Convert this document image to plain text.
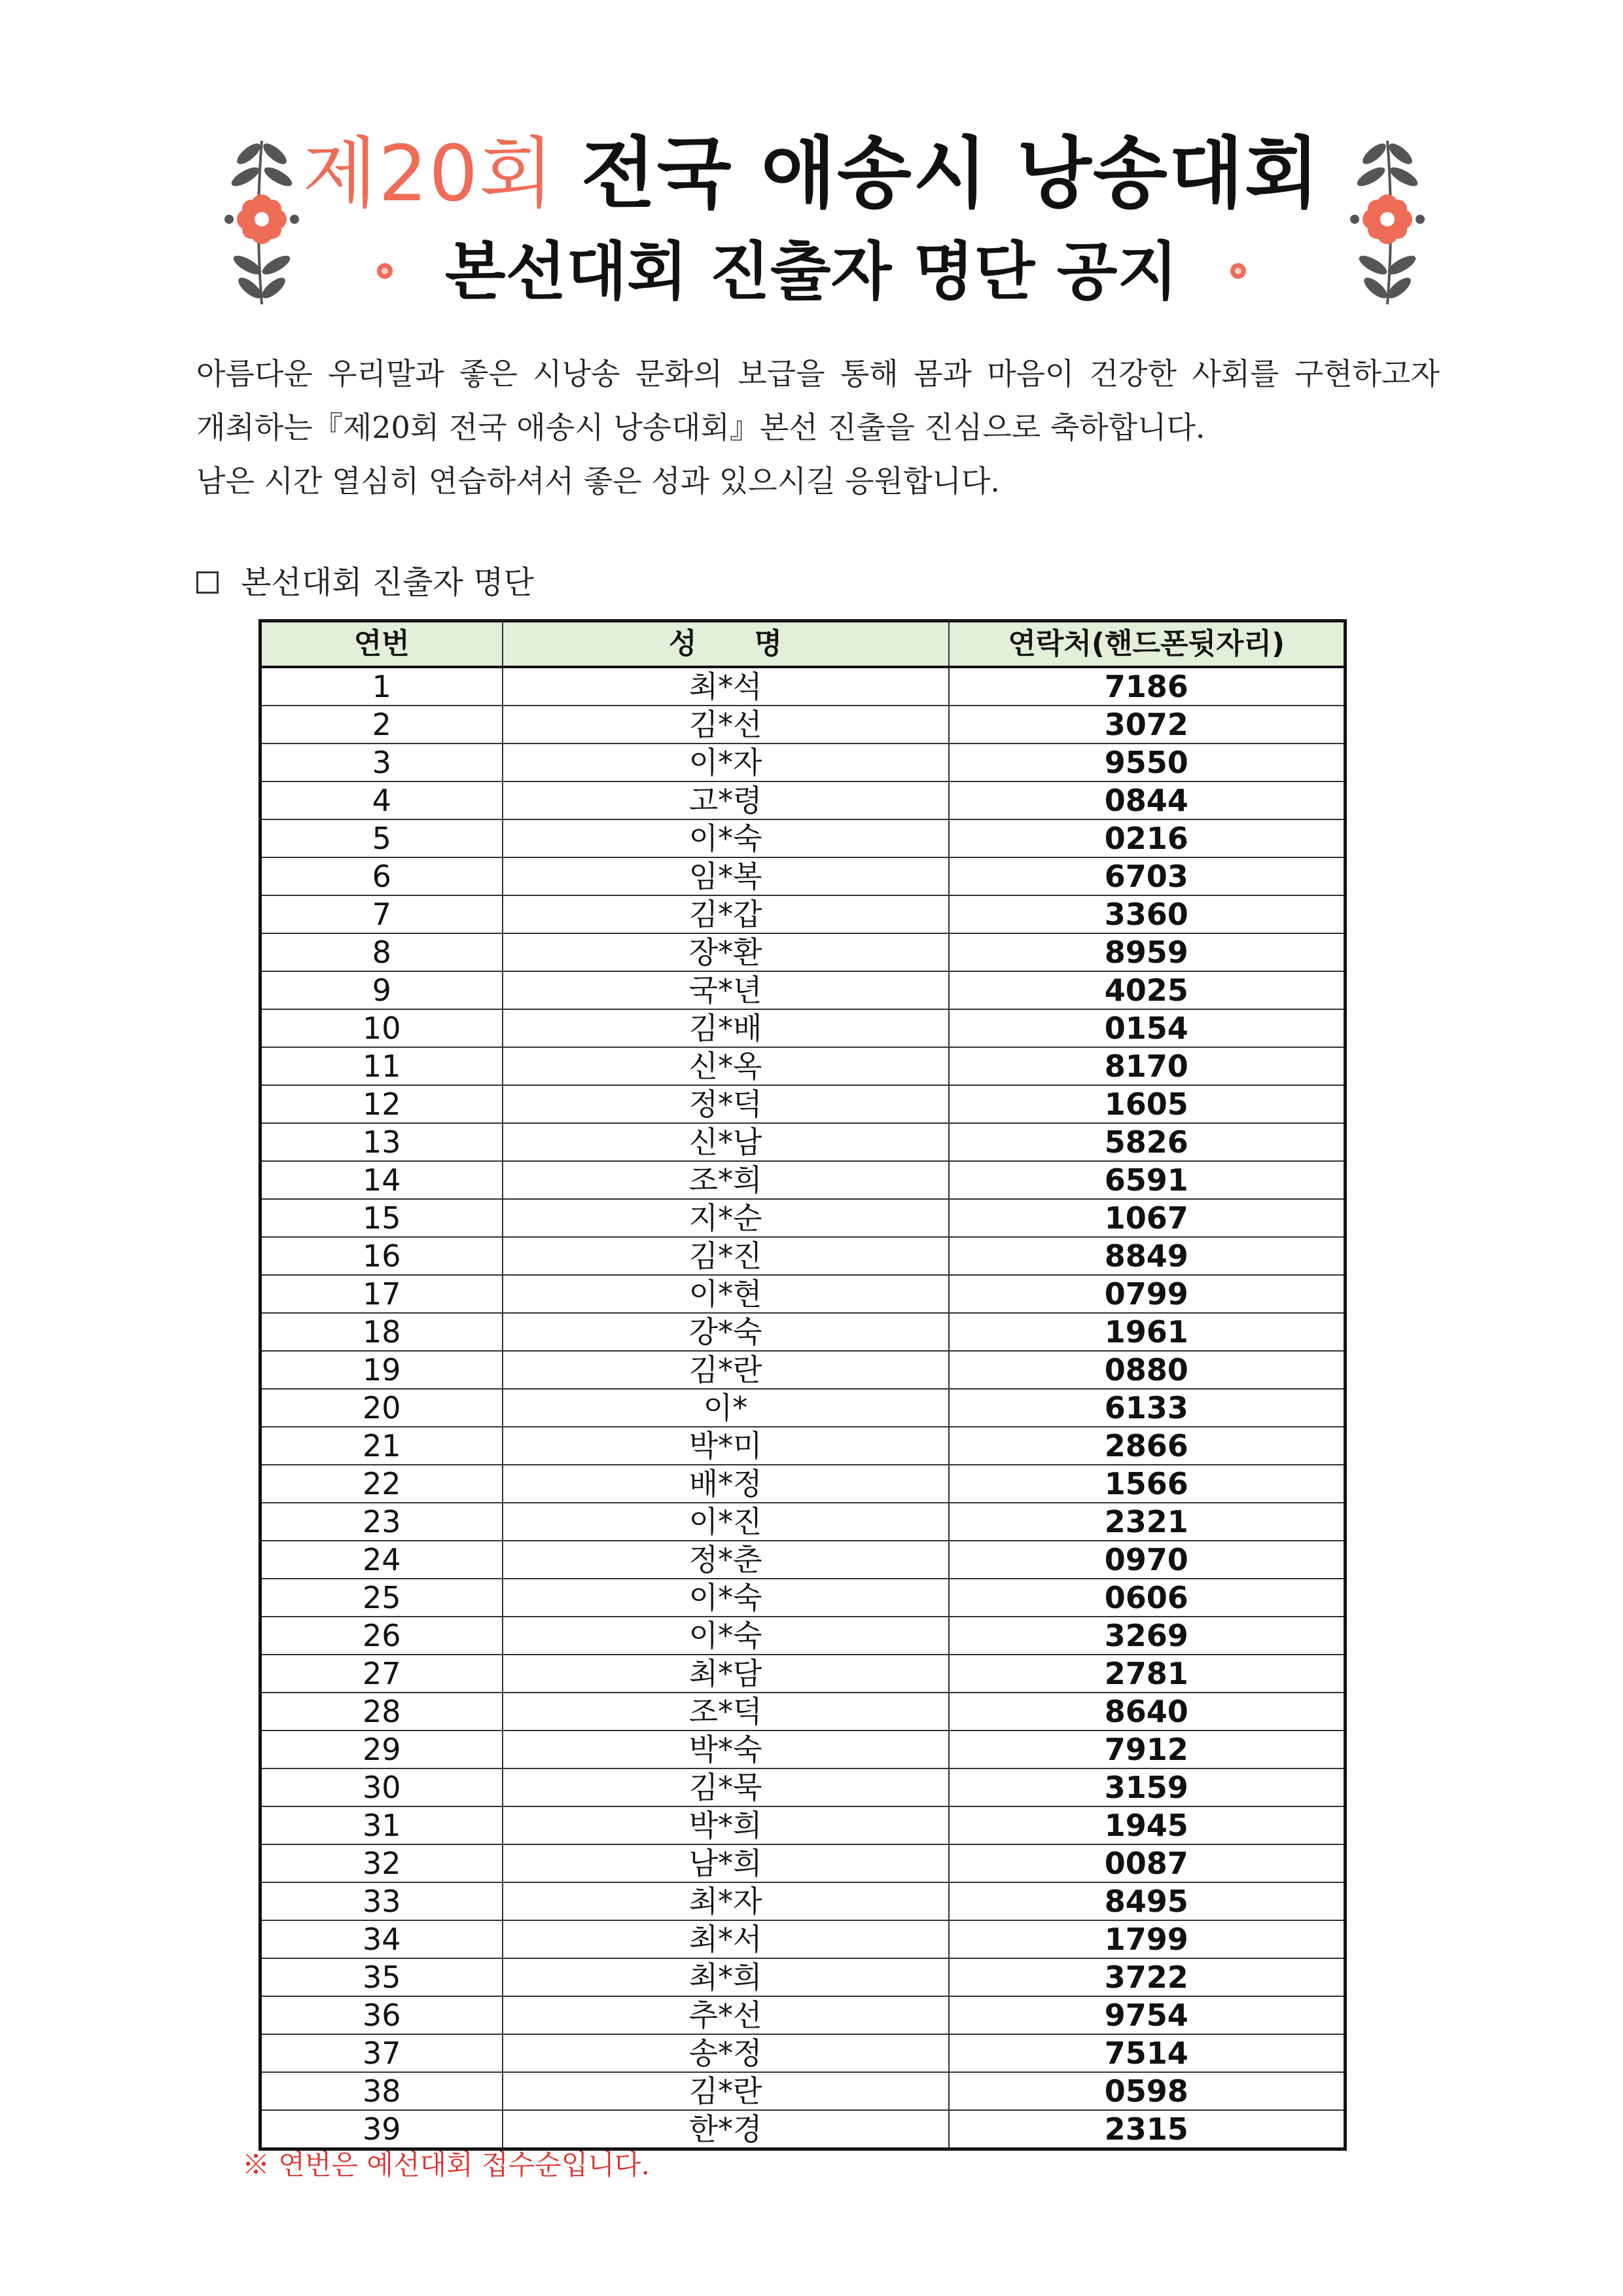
제20회 전국 애송시 낭송대회
본선대회 진출자 명단 공지

아름다운 우리말과 좋은 시낭송 문화의 보급을 통해 몸과 마음이 건강한 사회를 구현하고자

개최하는『제20회 전국 애송시 낭송대회』본선 진출을 진심으로 축하합니다.

남은 시간 열심히 연습하셔서 좋은 성과 있으시길 응원합니다.

본선대회 진출자 명단
연번	성　　명	연락처(핸드폰뒷자리)
1	최*석	7186
2	김*선	3072
3	이*자	9550
4	고*령	0844
5	이*숙	0216
6	임*복	6703
7	김*갑	3360
8	장*환	8959
9	국*년	4025
10	김*배	0154
11	신*옥	8170
12	정*덕	1605
13	신*남	5826
14	조*희	6591
15	지*순	1067
16	김*진	8849
17	이*현	0799
18	강*숙	1961
19	김*란	0880
20	이*	6133
21	박*미	2866
22	배*정	1566
23	이*진	2321
24	정*춘	0970
25	이*숙	0606
26	이*숙	3269
27	최*담	2781
28	조*덕	8640
29	박*숙	7912
30	김*묵	3159
31	박*희	1945
32	남*희	0087
33	최*자	8495
34	최*서	1799
35	최*희	3722
36	추*선	9754
37	송*정	7514
38	김*란	0598
39	한*경	2315
※ 연번은 예선대회 접수순입니다.
